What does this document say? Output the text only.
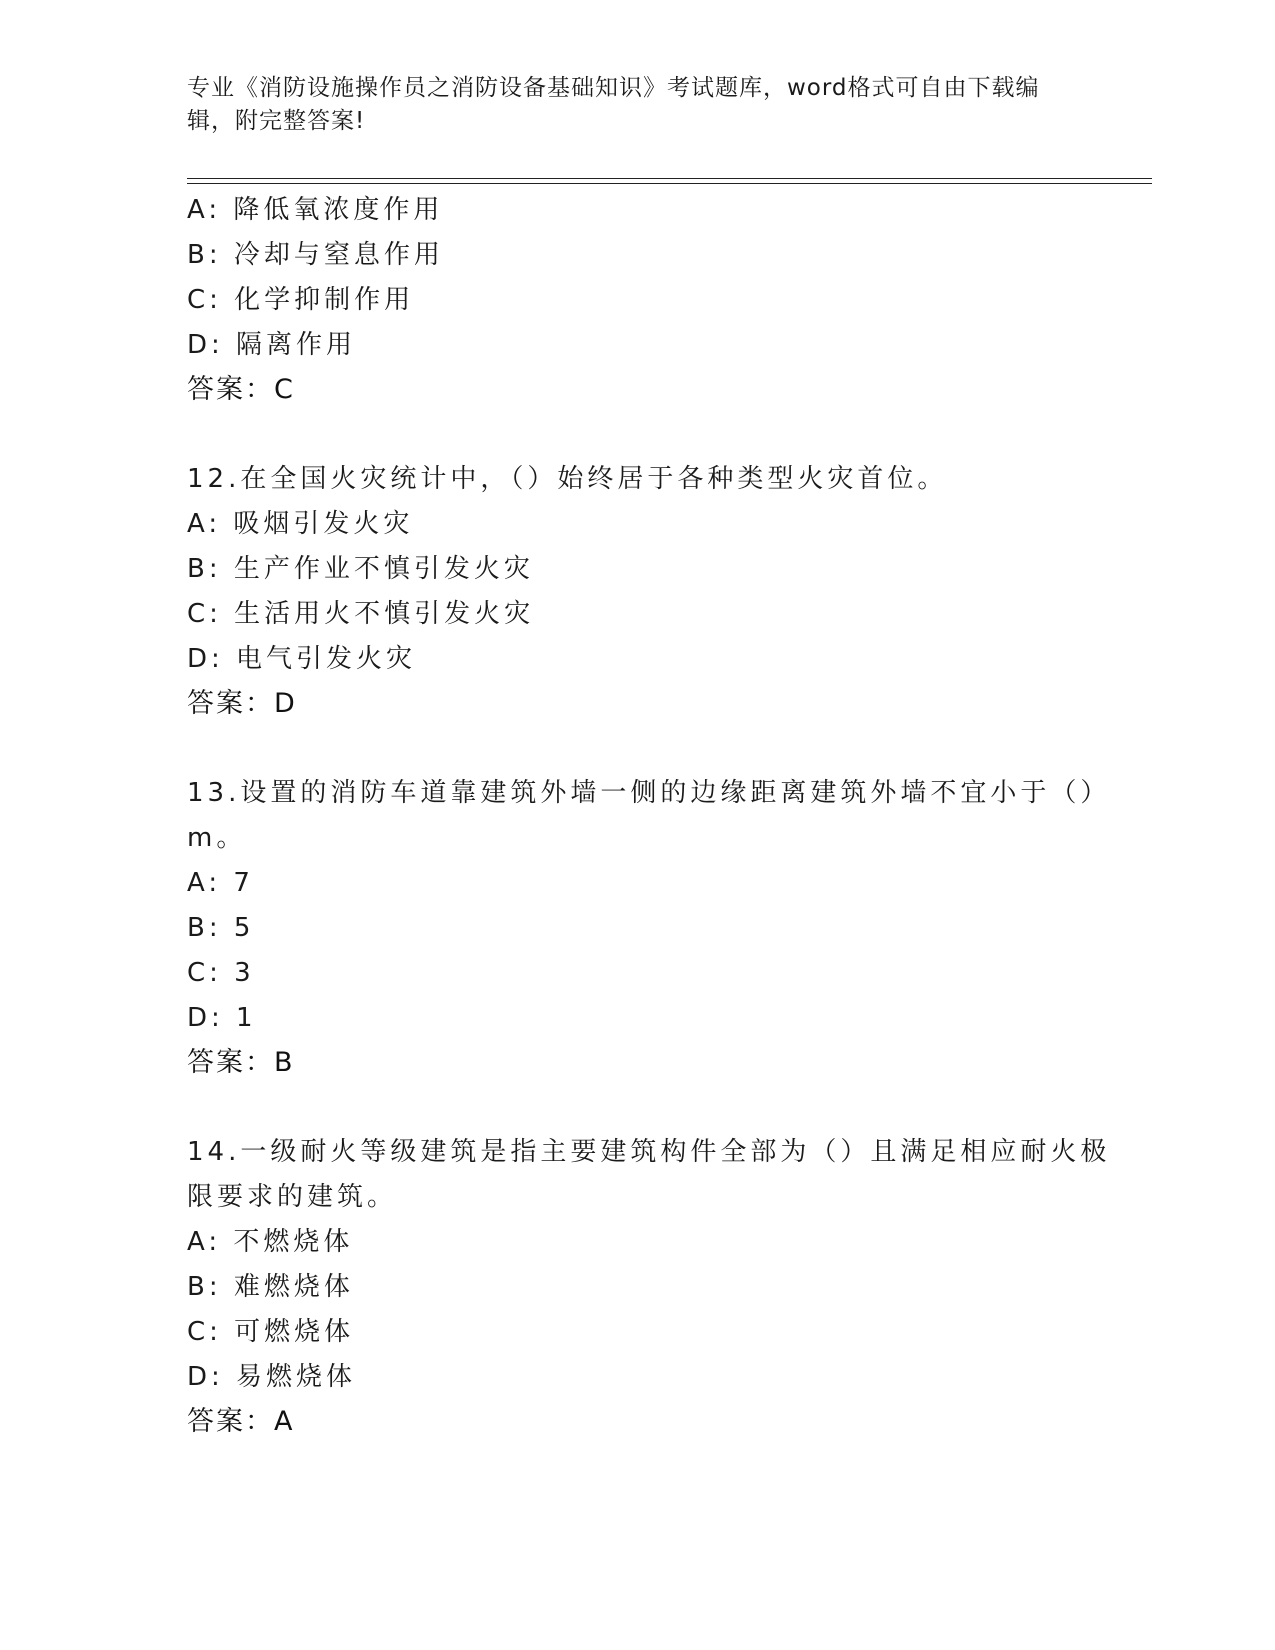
专业《消防设施操作员之消防设备基础知识》考试题库，word格式可自由下载编辑，附完整答案!
A: 降低氧浓度作用
B: 冷却与窒息作用
C: 化学抑制作用
D: 隔离作用
答案：C
12.在全国火灾统计中，（）始终居于各种类型火灾首位。
A: 吸烟引发火灾
B: 生产作业不慎引发火灾
C: 生活用火不慎引发火灾
D: 电气引发火灾
答案：D
13.设置的消防车道靠建筑外墙一侧的边缘距离建筑外墙不宜小于（）
m。
A: 7
B: 5
C: 3
D: 1
答案：B
14.一级耐火等级建筑是指主要建筑构件全部为（）且满足相应耐火极
限要求的建筑。
A: 不燃烧体
B: 难燃烧体
C: 可燃烧体
D: 易燃烧体
答案：A
